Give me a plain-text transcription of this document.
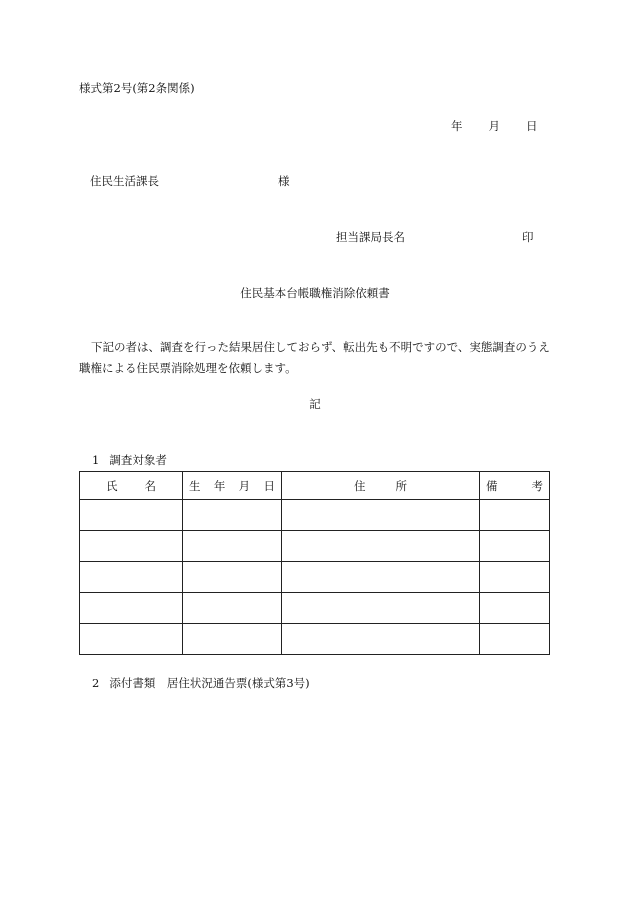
様式第2号(第2条関係)
年 月 日
住民生活課長	様
担当課局長名	印
住民基本台帳職権消除依頼書
下記の者は、調査を行った結果居住しておらず、転出先も不明ですので、実態調査のうえ職権による住民票消除処理を依頼します。
記
1 調査対象者
氏 名	生 年 月 日	住 所	備 考

2 添付書類　居住状況通告票(様式第3号)
